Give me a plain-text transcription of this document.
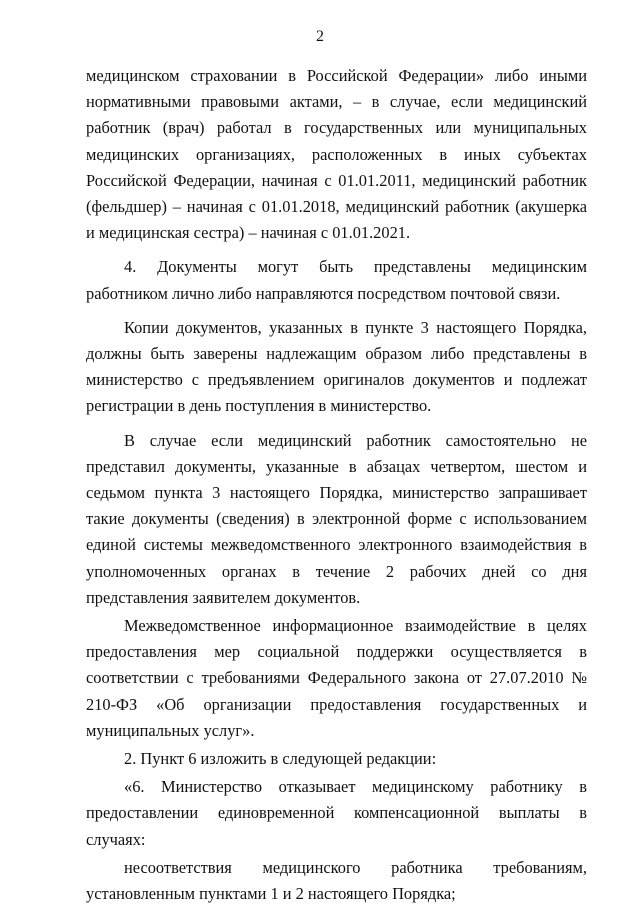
2

медицинском страховании в Российской Федерации» либо иными нормативными правовыми актами, – в случае, если медицинский работник (врач) работал в государственных или муниципальных медицинских организациях, расположенных в иных субъектах Российской Федерации, начиная с 01.01.2011, медицинский работник (фельдшер) – начиная с 01.01.2018, медицинский работник (акушерка и медицинская сестра) – начиная с 01.01.2021.

4. Документы могут быть представлены медицинским работником лично либо направляются посредством почтовой связи.

Копии документов, указанных в пункте 3 настоящего Порядка, должны быть заверены надлежащим образом либо представлены в министерство с предъявлением оригиналов документов и подлежат регистрации в день поступления в министерство.

В случае если медицинский работник самостоятельно не представил документы, указанные в абзацах четвертом, шестом и седьмом пункта 3 настоящего Порядка, министерство запрашивает такие документы (сведения) в электронной форме с использованием единой системы межведомственного электронного взаимодействия в уполномоченных органах в течение 2 рабочих дней со дня представления заявителем документов.

Межведомственное информационное взаимодействие в целях предоставления мер социальной поддержки осуществляется в соответствии с требованиями Федерального закона от 27.07.2010 № 210-ФЗ «Об организации предоставления государственных и муниципальных услуг».

2. Пункт 6 изложить в следующей редакции:

«6. Министерство отказывает медицинскому работнику в предоставлении единовременной компенсационной выплаты в случаях:

несоответствия медицинского работника требованиям, установленным пунктами 1 и 2 настоящего Порядка;
